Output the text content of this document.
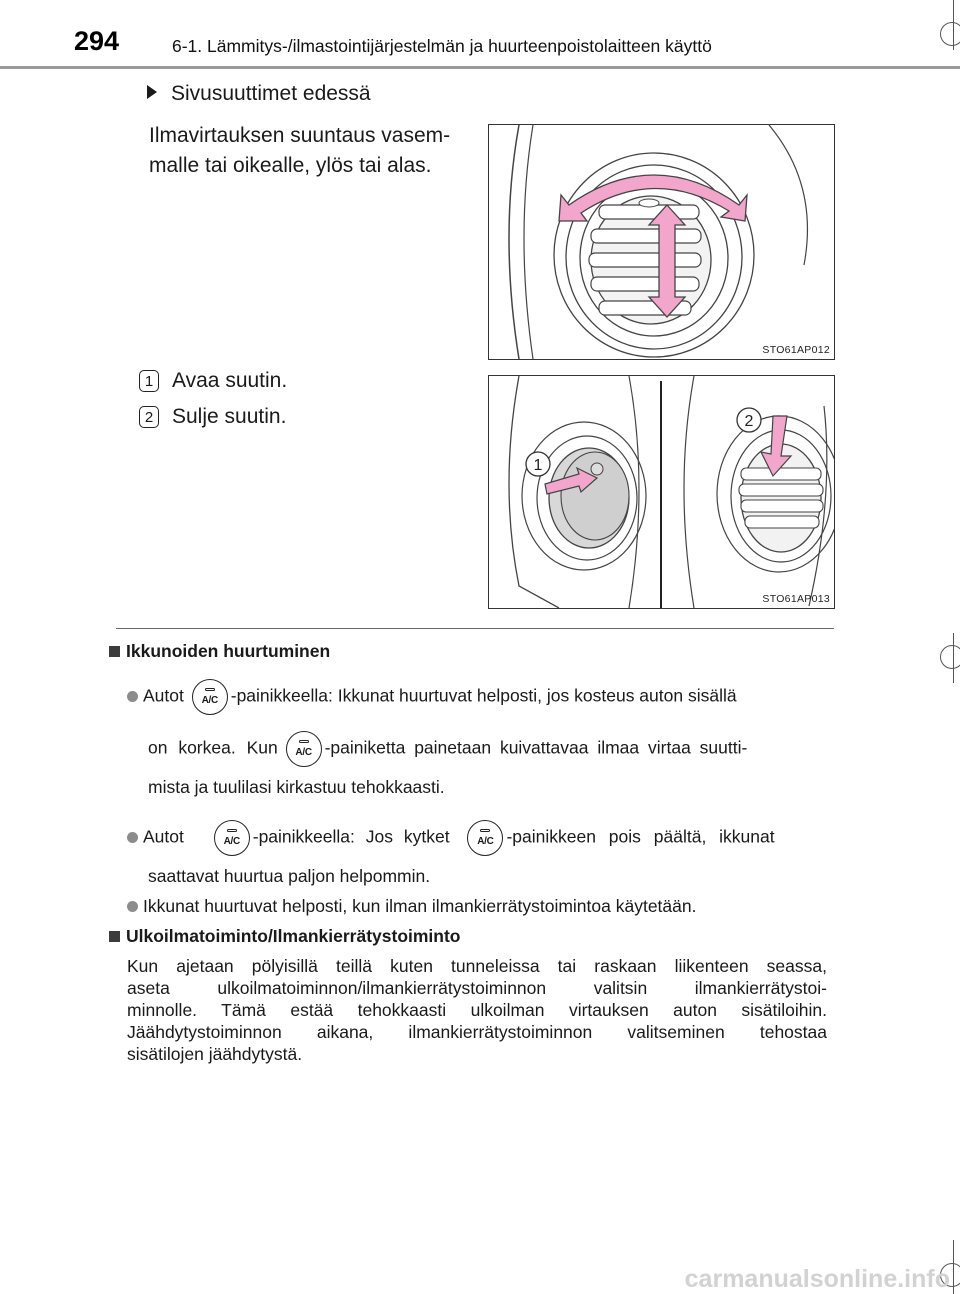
294	6-1. Lämmitys-/ilmastointijärjestelmän ja huurteenpoistolaitteen käyttö
Sivusuuttimet edessä
Ilmavirtauksen suuntaus vasem-
malle tai oikealle, ylös tai alas.
STO61AP012
1 Avaa suutin.
2 Sulje suutin.
1
2
STO61AP013
Ikkunoiden huurtuminen
Autot	A/C -painikkeella: Ikkunat huurtuvat helposti, jos kosteus auton sisällä
on korkea. Kun	A/C -painiketta painetaan kuivattavaa ilmaa virtaa suutti-
mista ja tuulilasi kirkastuu tehokkaasti.
Autot	A/C -painikkeella: Jos kytket	A/C -painikkeen pois päältä, ikkunat
saattavat huurtua paljon helpommin.
Ikkunat huurtuvat helposti, kun ilman ilmankierrätystoimintoa käytetään.
Ulkoilmatoiminto/Ilmankierrätystoiminto
Kun ajetaan pölyisillä teillä kuten tunneleissa tai raskaan liikenteen seassa,
aseta ulkoilmatoiminnon/ilmankierrätystoiminnon valitsin ilmankierrätystoi-
minnolle. Tämä estää tehokkaasti ulkoilman virtauksen auton sisätiloihin.
Jäähdytystoiminnon aikana, ilmankierrätystoiminnon valitseminen tehostaa
sisätilojen jäähdytystä.
carmanualsonline.info
